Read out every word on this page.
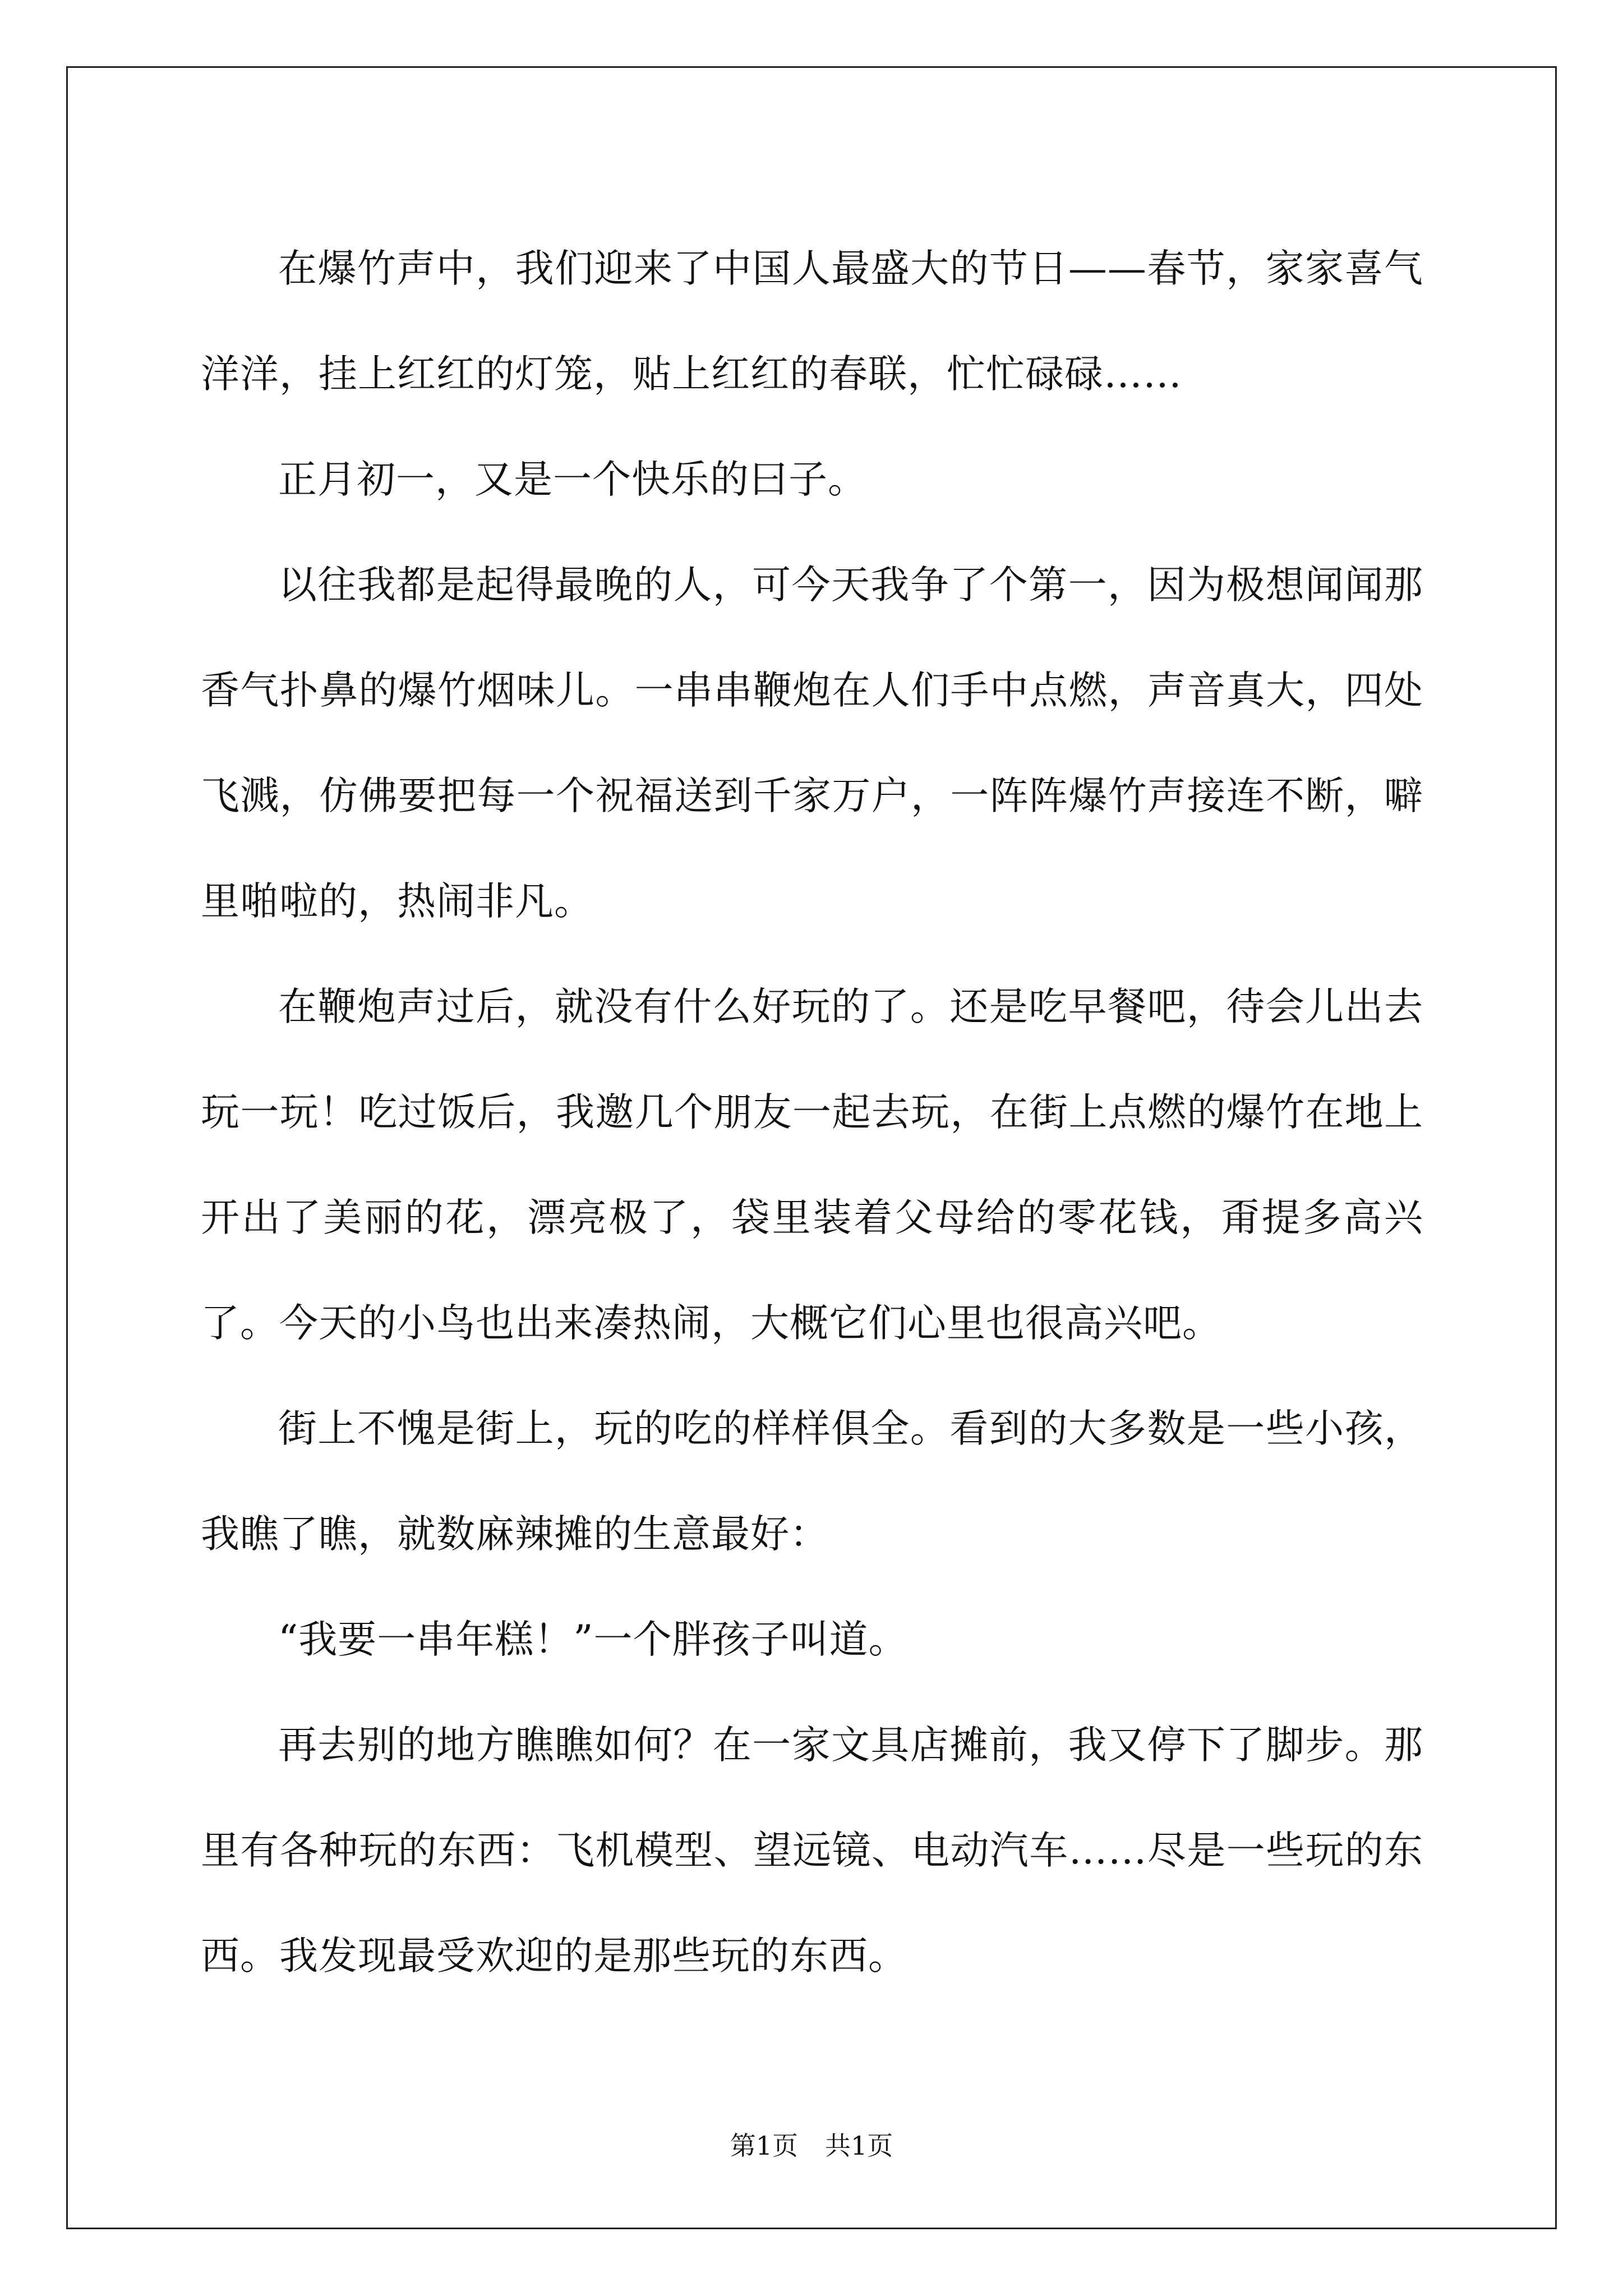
在爆竹声中，我们迎来了中国人最盛大的节日——春节，家家喜气洋洋，挂上红红的灯笼，贴上红红的春联，忙忙碌碌……

正月初一，又是一个快乐的曰子。

以往我都是起得最晚的人，可今天我争了个第一，因为极想闻闻那香气扑鼻的爆竹烟味儿。一串串鞭炮在人们手中点燃，声音真大，四处飞溅，仿佛要把每一个祝福送到千家万户，一阵阵爆竹声接连不断，噼里啪啦的，热闹非凡。

在鞭炮声过后，就没有什么好玩的了。还是吃早餐吧，待会儿出去玩一玩！吃过饭后，我邀几个朋友一起去玩，在街上点燃的爆竹在地上开出了美丽的花，漂亮极了，袋里装着父母给的零花钱，甭提多高兴了。今天的小鸟也出来凑热闹，大概它们心里也很高兴吧。

街上不愧是街上，玩的吃的样样俱全。看到的大多数是一些小孩，我瞧了瞧，就数麻辣摊的生意最好：

“我要一串年糕！”一个胖孩子叫道。

再去别的地方瞧瞧如何？在一家文具店摊前，我又停下了脚步。那里有各种玩的东西：飞机模型、望远镜、电动汽车……尽是一些玩的东西。我发现最受欢迎的是那些玩的东西。

第1页 共1页
